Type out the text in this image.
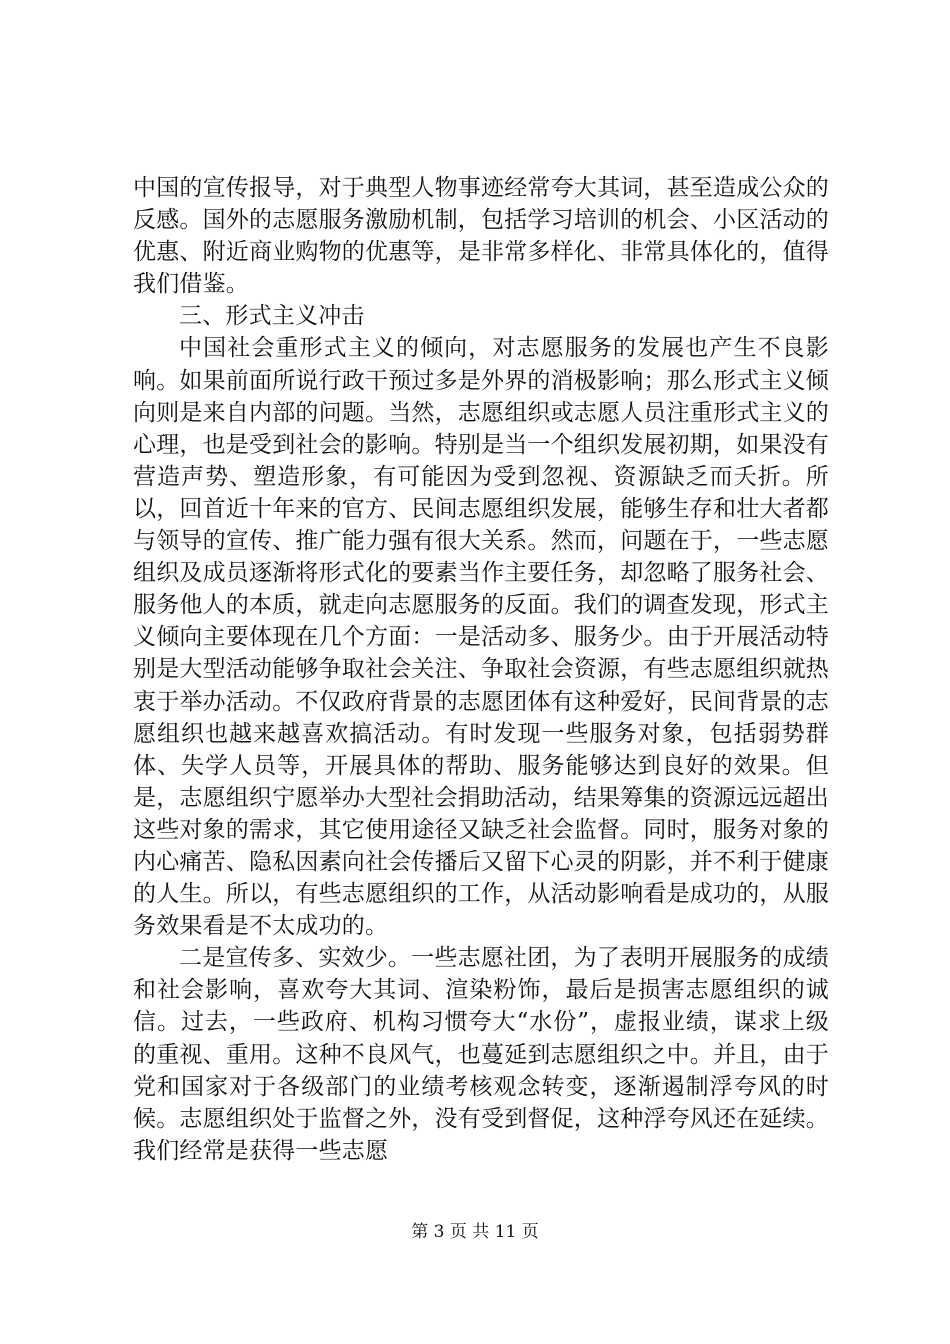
中国的宣传报导，对于典型人物事迹经常夸大其词，甚至造成公众的反感。国外的志愿服务激励机制，包括学习培训的机会、小区活动的优惠、附近商业购物的优惠等，是非常多样化、非常具体化的，值得我们借鉴。

三、形式主义冲击

中国社会重形式主义的倾向，对志愿服务的发展也产生不良影响。如果前面所说行政干预过多是外界的消极影响；那么形式主义倾向则是来自内部的问题。当然，志愿组织或志愿人员注重形式主义的心理，也是受到社会的影响。特别是当一个组织发展初期，如果没有营造声势、塑造形象，有可能因为受到忽视、资源缺乏而夭折。所以，回首近十年来的官方、民间志愿组织发展，能够生存和壮大者都与领导的宣传、推广能力强有很大关系。然而，问题在于，一些志愿组织及成员逐渐将形式化的要素当作主要任务，却忽略了服务社会、服务他人的本质，就走向志愿服务的反面。我们的调查发现，形式主义倾向主要体现在几个方面：一是活动多、服务少。由于开展活动特别是大型活动能够争取社会关注、争取社会资源，有些志愿组织就热衷于举办活动。不仅政府背景的志愿团体有这种爱好，民间背景的志愿组织也越来越喜欢搞活动。有时发现一些服务对象，包括弱势群体、失学人员等，开展具体的帮助、服务能够达到良好的效果。但是，志愿组织宁愿举办大型社会捐助活动，结果筹集的资源远远超出这些对象的需求，其它使用途径又缺乏社会监督。同时，服务对象的内心痛苦、隐私因素向社会传播后又留下心灵的阴影，并不利于健康的人生。所以，有些志愿组织的工作，从活动影响看是成功的，从服务效果看是不太成功的。

二是宣传多、实效少。一些志愿社团，为了表明开展服务的成绩和社会影响，喜欢夸大其词、渲染粉饰，最后是损害志愿组织的诚信。过去，一些政府、机构习惯夸大“水份”，虚报业绩，谋求上级的重视、重用。这种不良风气，也蔓延到志愿组织之中。并且，由于党和国家对于各级部门的业绩考核观念转变，逐渐遏制浮夸风的时候。志愿组织处于监督之外，没有受到督促，这种浮夸风还在延续。我们经常是获得一些志愿

第 3 页 共 11 页
